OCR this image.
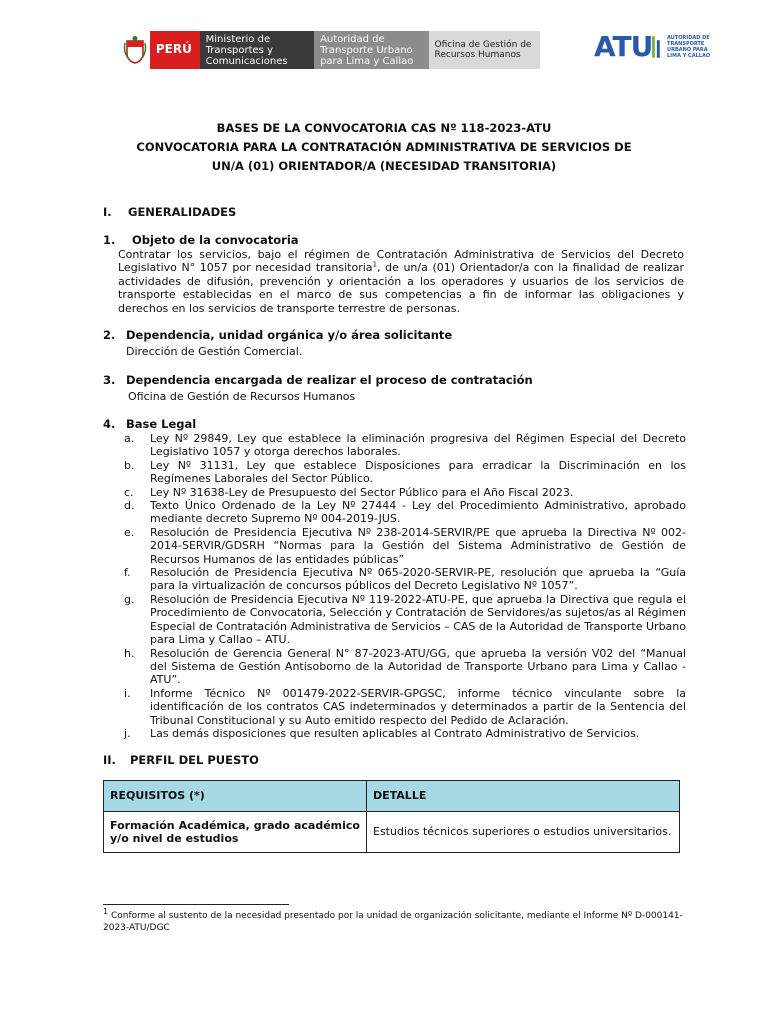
PERÚ
Ministerio de Transportes y Comunicaciones
Autoridad de Transporte Urbano para Lima y Callao
Oficina de Gestión de Recursos Humanos	ATU	AUTORIDAD DE TRANSPORTE URBANO PARA LIMA Y CALLAO
BASES DE LA CONVOCATORIA CAS Nº 118-2023-ATU
CONVOCATORIA PARA LA CONTRATACIÓN ADMINISTRATIVA DE SERVICIOS DE
UN/A (01) ORIENTADOR/A (NECESIDAD TRANSITORIA)
I. GENERALIDADES
1. Objeto de la convocatoria
Contratar los servicios, bajo el régimen de Contratación Administrativa de Servicios del Decreto Legislativo N° 1057 por necesidad transitoria$^1$, de un/a (01) Orientador/a con la finalidad de realizar actividades de difusión, prevención y orientación a los operadores y usuarios de los servicios de transporte establecidas en el marco de sus competencias a fin de informar las obligaciones y derechos en los servicios de transporte terrestre de personas.
2. Dependencia, unidad orgánica y/o área solicitante
Dirección de Gestión Comercial.
3. Dependencia encargada de realizar el proceso de contratación
Oficina de Gestión de Recursos Humanos
4. Base Legal
a.	Ley Nº 29849, Ley que establece la eliminación progresiva del Régimen Especial del Decreto Legislativo 1057 y otorga derechos laborales.
b.	Ley Nº 31131, Ley que establece Disposiciones para erradicar la Discriminación en los Regímenes Laborales del Sector Público.
c.	Ley Nº 31638-Ley de Presupuesto del Sector Público para el Año Fiscal 2023.
d.	Texto Único Ordenado de la Ley Nº 27444 - Ley del Procedimiento Administrativo, aprobado mediante decreto Supremo Nº 004-2019-JUS.
e.	Resolución de Presidencia Ejecutiva Nº 238-2014-SERVIR/PE que aprueba la Directiva Nº 002-2014-SERVIR/GDSRH “Normas para la Gestión del Sistema Administrativo de Gestión de Recursos Humanos de las entidades públicas”
f.	Resolución de Presidencia Ejecutiva Nº 065-2020-SERVIR-PE, resolución que aprueba la “Guía para la virtualización de concursos públicos del Decreto Legislativo Nº 1057”.
g.	Resolución de Presidencia Ejecutiva Nº 119-2022-ATU-PE, que aprueba la Directiva que regula el Procedimiento de Convocatoria, Selección y Contratación de Servidores/as sujetos/as al Régimen Especial de Contratación Administrativa de Servicios – CAS de la Autoridad de Transporte Urbano para Lima y Callao – ATU.
h.	Resolución de Gerencia General N° 87-2023-ATU/GG, que aprueba la versión V02 del “Manual del Sistema de Gestión Antisoborno de la Autoridad de Transporte Urbano para Lima y Callao - ATU”.
i.	Informe Técnico Nº 001479-2022-SERVIR-GPGSC, informe técnico vinculante sobre la identificación de los contratos CAS indeterminados y determinados a partir de la Sentencia del Tribunal Constitucional y su Auto emitido respecto del Pedido de Aclaración.
j.	Las demás disposiciones que resulten aplicables al Contrato Administrativo de Servicios.
II. PERFIL DEL PUESTO
REQUISITOS (*)	DETALLE
Formación Académica, grado académico y/o nivel de estudios	Estudios técnicos superiores o estudios universitarios.
$^1$ Conforme al sustento de la necesidad presentado por la unidad de organización solicitante, mediante el Informe Nº D-000141-2023-ATU/DGC
